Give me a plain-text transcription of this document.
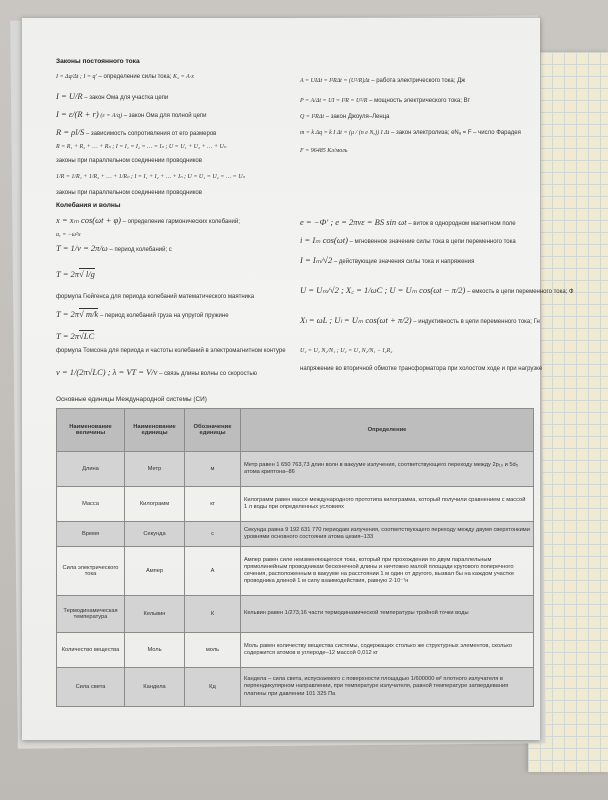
Законы постоянного тока
I = Δq/Δt ; I = q′ – определение силы тока; K₂ = A·x
I = U/R – закон Ома для участка цепи
I = ε/(R + r) (ε = A/q) – закон Ома для полной цепи
R = ρl/S – зависимость сопротивления от его размеров
R = R₁ + R₂ + … + Rₙ ; I = I₁ = I₂ = … = Iₙ ; U = U₁ + U₂ + … + Uₙ
законы при параллельном соединении проводников
1/R = 1/R₁ + 1/R₂ + … + 1/Rₙ ; I = I₁ + I₂ + … + Iₙ ; U = U₁ = U₂ = … = Uₙ
законы при параллельном соединении проводников
Колебания и волны
x = xₘ cos(ωt + φ) – определение гармонических колебаний;
aₓ = −ω²x
T = 1/ν = 2π/ω – период колебаний; с
T = 2π√ l/g
формула Гюйгенса для периода колебаний математического маятника
T = 2π√ m/k – период колебаний груза на упругой пружине
T = 2π√LC
формула Томсона для периода и частоты колебаний в электромагнитном контуре
ν = 1/(2π√LC) ; λ = VT = V/ν – связь длины волны со скоростью
A = UIΔt = I²RΔt = (U²/R)Δt – работа электрического тока; Дж
P = A/Δt = UI = I²R = U²/R – мощность электрического тока; Вт
Q = I²RΔt – закон Джоуля–Ленца
m = k Δq = k I Δt = (μ / (n e Nₐ)) I Δt – закон электролиза; eNₐ = F – число Фарадея
F = 96485 Кл/моль
e = −Ф′ ; e = 2πνε = BS sin ωt – виток в однородном магнитном поле
i = Iₘ cos(ωt) – мгновенное значение силы тока в цепи переменного тока
I = Iₘ/√2 – действующие значения силы тока и напряжения
U = Uₘ/√2 ; X꜀ = 1/ωC ; U = Uₘ cos(ωt − π/2) – емкость в цепи переменного тока; Ф
Xₗ = ωL ; Uₗ = Uₘ cos(ωt + π/2) – индуктивность в цепи переменного тока; Гн
U₂ = U₁ N₂/N₁ ; U₂ = U₁ N₂/N₁ − I₂R₂
напряжение во вторичной обмотке трансформатора при холостом ходе и при нагрузке
Основные единицы Международной системы (СИ)
Наименование величины	Наименование единицы	Обозначение единицы	Определение
Длина	Метр	м	Метр равен 1 650 763,73 длин волн в вакууме излучения, соответствующего переходу между 2p₁₀ и 5d₅ атома криптона–86
Масса	Килограмм	кг	Килограмм равен массе международного прототипа килограмма, который получили сравнением с массой 1 л воды при определенных условиях
Время	Секунда	с	Секунда равна 9 192 631 770 периодам излучения, соответствующего переходу между двумя сверхтонкими уровнями основного состояния атома цезия–133
Сила электрического тока	Ампер	А	Ампер равен силе неизменяющегося тока, который при прохождении по двум параллельным прямолинейным проводникам бесконечной длины и ничтожно малой площади кругового поперечного сечения, расположенным в вакууме на расстоянии 1 м один от другого, вызвал бы на каждом участке проводника длиной 1 м силу взаимодействия, равную 2·10⁻⁷н
Термодинамическая температура	Кельвин	К	Кельвин равен 1/273,16 части термодинамической температуры тройной точки воды
Количество вещества	Моль	моль	Моль равен количеству вещества системы, содержащих столько же структурных элементов, сколько содержится атомов в углероде–12 массой 0,012 кг
Сила света	Кандела	Кд	Кандела – сила света, испускаемого с поверхности площадью 1/600000 м² плотного излучателя в перпендикулярном направлении, при температуре излучателя, равной температуре затвердевания платины при давлении 101 325 Па
